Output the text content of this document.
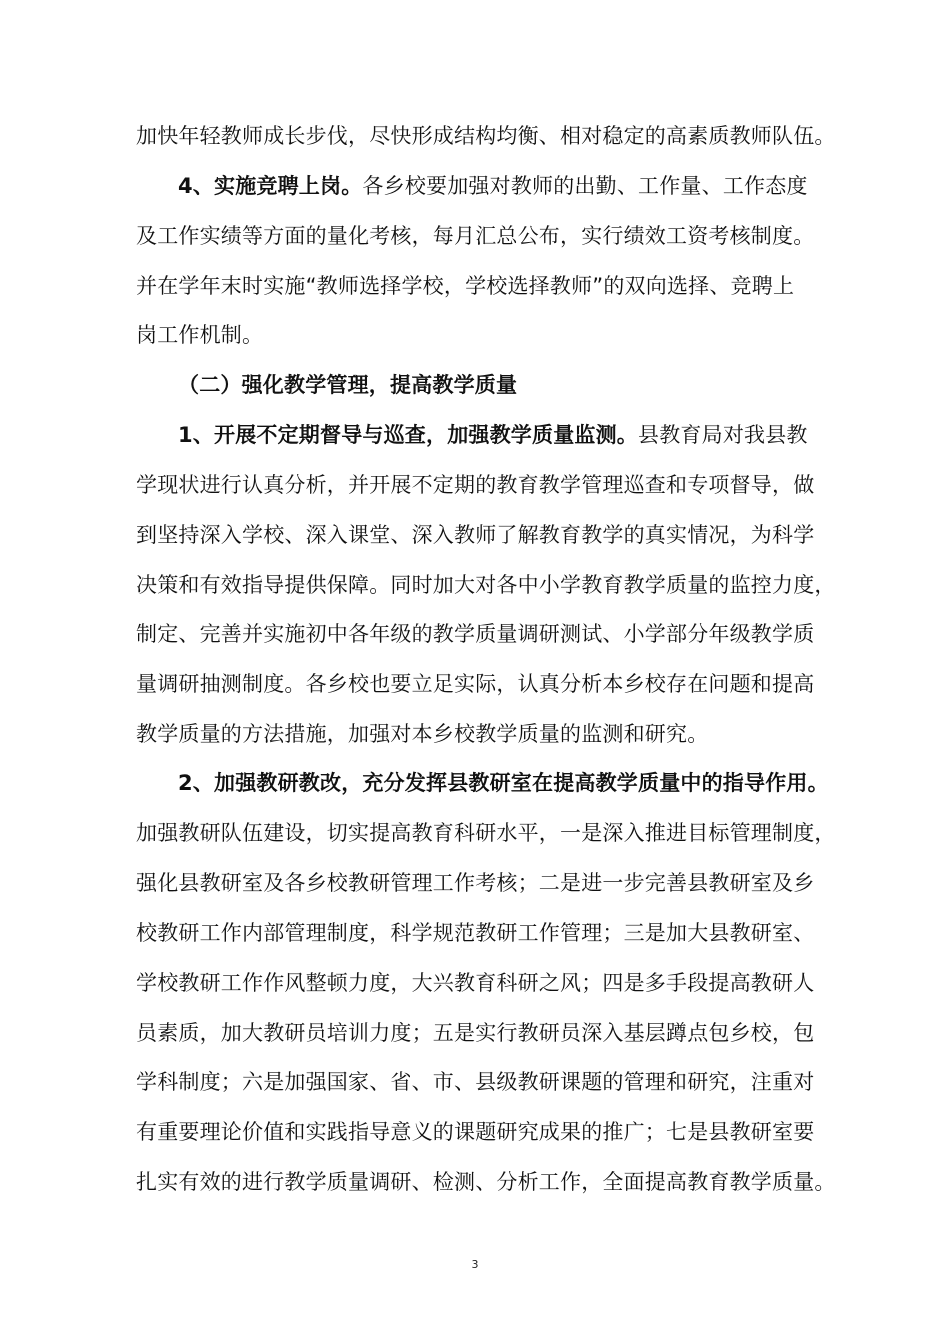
加快年轻教师成长步伐，尽快形成结构均衡、相对稳定的高素质教师队伍。
4、实施竞聘上岗。各乡校要加强对教师的出勤、工作量、工作态度
及工作实绩等方面的量化考核，每月汇总公布，实行绩效工资考核制度。
并在学年末时实施“教师选择学校，学校选择教师”的双向选择、竞聘上
岗工作机制。
（二）强化教学管理，提高教学质量
1、开展不定期督导与巡查，加强教学质量监测。县教育局对我县教
学现状进行认真分析，并开展不定期的教育教学管理巡查和专项督导，做
到坚持深入学校、深入课堂、深入教师了解教育教学的真实情况，为科学
决策和有效指导提供保障。同时加大对各中小学教育教学质量的监控力度，
制定、完善并实施初中各年级的教学质量调研测试、小学部分年级教学质
量调研抽测制度。各乡校也要立足实际，认真分析本乡校存在问题和提高
教学质量的方法措施，加强对本乡校教学质量的监测和研究。
2、加强教研教改，充分发挥县教研室在提高教学质量中的指导作用。
加强教研队伍建设，切实提高教育科研水平，一是深入推进目标管理制度，
强化县教研室及各乡校教研管理工作考核；二是进一步完善县教研室及乡
校教研工作内部管理制度，科学规范教研工作管理；三是加大县教研室、
学校教研工作作风整顿力度，大兴教育科研之风；四是多手段提高教研人
员素质，加大教研员培训力度；五是实行教研员深入基层蹲点包乡校，包
学科制度；六是加强国家、省、市、县级教研课题的管理和研究，注重对
有重要理论价值和实践指导意义的课题研究成果的推广；七是县教研室要
扎实有效的进行教学质量调研、检测、分析工作，全面提高教育教学质量。
3
